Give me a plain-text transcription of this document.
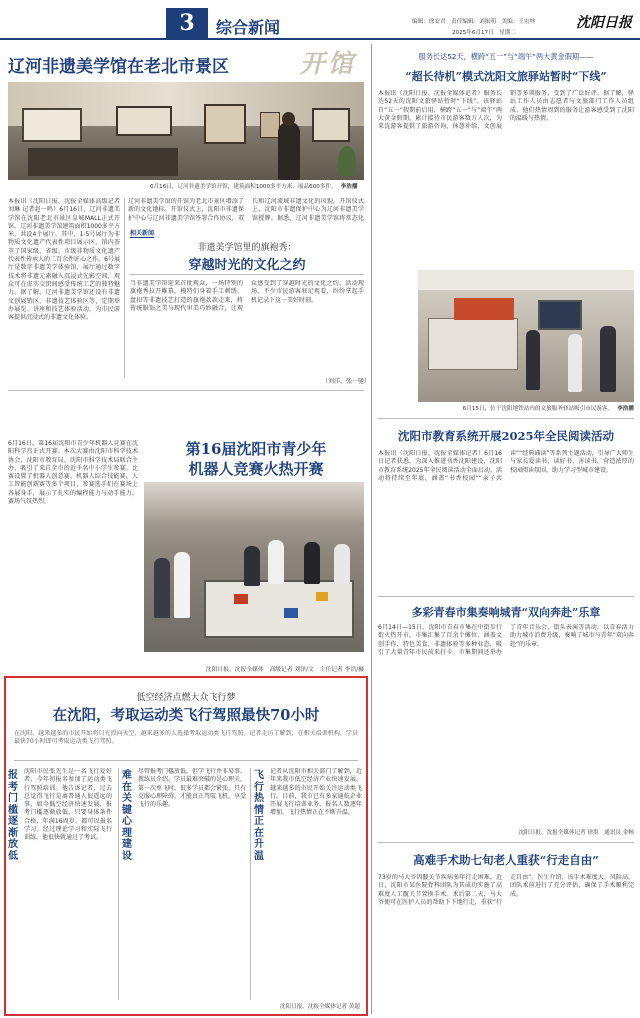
3 综合新闻	编辑：徐安君　责任编辑：刘振明　美编：王宏坤
2025年6月17日　星期二
沈阳日报
辽河非遗美学馆在老北市景区	开馆
6月16日，辽河非遗美学馆开馆，建筑面积1000多平方米，展品600多件。 李浩播
本报讯（沈阳日报、沈报全媒体高级记者刘琳 记者赵一鸣）6月16日，辽河非遗美学馆在沈阳老北市景区皇城MALL正式开馆。辽河非遗美学馆建筑面积1000多平方米，共设4个展厅。其中，1-5号展厅为非物质文化遗产代表性项目展示区，馆内荟萃了国家级、省级、市级非物质文化遗产代表性传承人的二百余件匠心之作。6号展厅是数字非遗美学体验馆，展厅通过数字技术将非遗元素融入沉浸式光影空间，观众可在虚实交织间感受传统工艺的独特魅力。据了解，辽河非遗美学馆还设有非遗文创展销区、非遗技艺体验区等，定期举办展览、讲座和技艺体验活动，为市民游客提供沉浸式的非遗文化体验。
辽河非遗美学馆的开馆为老北市景区增添了新的文化地标。开馆仪式上，沈阳市非遗保护中心与辽河非遗美学馆签署合作协议，双
长和辽河流域非遗文化的风貌。开馆仪式上，沈阳市非遗保护中心为辽河非遗美学馆授牌。据悉，辽河非遗美学馆将常态化
相关新闻
非遗美学馆里的旗袍秀：
穿越时光的文化之约
当非遗美学馆迎来首批观众，一场特别的旗袍秀拉开帷幕。模特们身着手工刺绣、盘扣等非遗技艺打造的旗袍款款走来，将传统服饰之美与现代审美巧妙融合，让观众感受到了穿越时光的文化之约。活动现场，不少市民游客驻足观看，纷纷拿起手机记录下这一美好时刻。
（刘洋，张一驰）
6月16日，第16届沈阳市青少年机器人竞赛在沈阳科学宫正式开赛。本次大赛由沈阳市科学技术协会、沈阳市教育局、沈阳市科学技术局联合主办，吸引了来自全市的近千名中小学生参赛。比赛设置了机器人创意赛、机器人综合技能赛、人工智能创新赛等多个项目，参赛选手们在赛场上各展身手，展示了扎实的编程能力与动手能力，赛场气氛热烈。
第16届沈阳市青少年
机器人竞赛火热开赛
沈阳日报、沈报全媒体　高级记者 刘泽/文　主任记者 李浩/摄
低空经济点燃大众飞行梦
在沈阳，考取运动类飞行驾照最快70小时
在沈阳，越来越多的市民开始将目光投向天空，越来越多的人选择考取运动类飞行驾照。记者走访了解到，在相关培训机构，学员最快70小时即可考取运动类飞行驾照。
报考门槛逐渐放低
沈阳市民张先生是一名飞行爱好者，今年初报名参加了运动类飞行驾照培训。他告诉记者，过去总觉得飞行是离普通人很遥远的事，如今低空经济快速发展，报考门槛逐渐放低，只要身体条件合格、年满16周岁，都可以报名学习。经过理论学习和实际飞行训练，他很快就通过了考试。
难在关键心理建设
尽管报考门槛放低，但学飞行并非易事。教练员介绍，学员最难突破的是心理关，第一次单飞时，很多学员都会紧张。只有克服心理障碍，才能真正驾驭飞机，享受飞行的乐趣。
飞行热情正在升温
记者从沈阳市相关部门了解到，近年来我市低空经济产业快速发展，越来越多的市民开始关注运动类飞行。目前，我市已有多家通航企业开展飞行培训业务，报名人数逐年增加，飞行热情正在不断升温。
沈阳日报、沈报全媒体记者 黄超
服务长达52天，横跨“五一”与“端午”两大黄金假期——
“超长待机”模式沈阳文旅驿站暂时“下线”
本报讯（沈阳日报、沈报全媒体记者）服务长达52天的沈阳文旅驿站暂时“下线”。该驿站自“五一”假期前启用，横跨“五一”与“端午”两大黄金假期，累计接待市民游客数万人次，为来沈游客提供了旅游咨询、休憩补给、文创展销等多项服务，受到了广泛好评。据了解，驿站工作人员由志愿者与文旅部门工作人员组成，他们热情周到的服务让游客感受到了沈阳的温暖与热情。
6月15日，位于沈阳地铁站内的文旅服务驿站吸引市民游客。 李浩播
沈阳市教育系统开展2025年全民阅读活动
本报讯（沈阳日报、沈报全媒体记者）6月16日记者获悉，为深入推进书香沈阳建设，沈阳市教育系统2025年全民阅读活动全面启动。活动将持续至年底，涵盖“书香校园”“亲子共读”“经典诵读”等系列主题活动，引导广大师生与家长爱读书、读好书、善读书，营造浓厚的校园阅读氛围，助力学习型城市建设。
多彩青春市集奏响城青“双向奔赴”乐章
6月14日—15日，沈阳市青春市集在中街步行街火热开市。市集汇集了百余个摊位，涵盖文创手作、特色美食、非遗体验等多种业态，吸引了大量青年市民前来打卡。市集期间还举办了青年音乐会、街头表演等活动，以青春活力助力城市消费升级，奏响了城市与青年“双向奔赴”的乐章。
沈阳日报、沈报全媒体记者 徐墨　通讯员 金畅
高难手术助七旬老人重获“行走自由”
73岁的马大爷因髋关节疾病多年行走困难，近日，沈阳市某医院骨科团队为其成功实施了高难度人工髋关节置换手术。术后第二天，马大爷便可在医护人员的帮助下下地行走，重获“行走自由”。医生介绍，该手术难度大、风险高，团队术前进行了充分评估，确保了手术顺利完成。
